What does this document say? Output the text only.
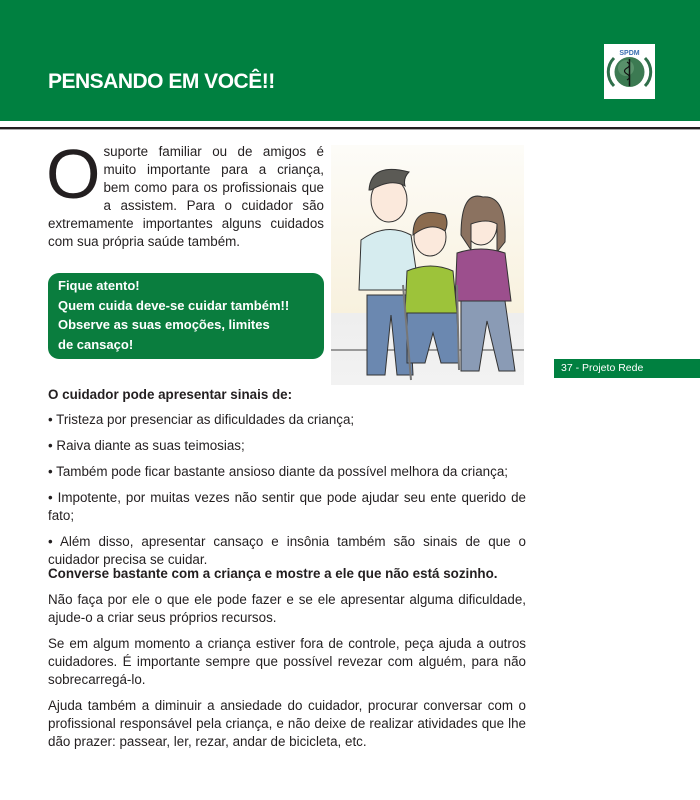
PENSANDO EM VOCÊ!!
SPDM

O suporte familiar ou de amigos é muito importante para a criança, bem como para os profissionais que a assistem. Para o cuidador são extremamente importantes alguns cuidados com sua própria saúde também.

Fique atento!
Quem cuida deve-se cuidar também!!
Observe as suas emoções, limites
de cansaço!
37 - Projeto Rede

O cuidador pode apresentar sinais de:

• Tristeza por presenciar as dificuldades da criança;

• Raiva diante as suas teimosias;

• Também pode ficar bastante ansioso diante da possível melhora da criança;

• Impotente, por muitas vezes não sentir que pode ajudar seu ente querido de fato;

• Além disso, apresentar cansaço e insônia também são sinais de que o cuidador precisa se cuidar.

Converse bastante com a criança e mostre a ele que não está sozinho.

Não faça por ele o que ele pode fazer e se ele apresentar alguma dificuldade, ajude-o a criar seus próprios recursos.

Se em algum momento a criança estiver fora de controle, peça ajuda a outros cuidadores. É importante sempre que possível revezar com alguém, para não sobrecarregá-lo.

Ajuda também a diminuir a ansiedade do cuidador, procurar conversar com o profissional responsável pela criança, e não deixe de realizar atividades que lhe dão prazer: passear, ler, rezar, andar de bicicleta, etc.
